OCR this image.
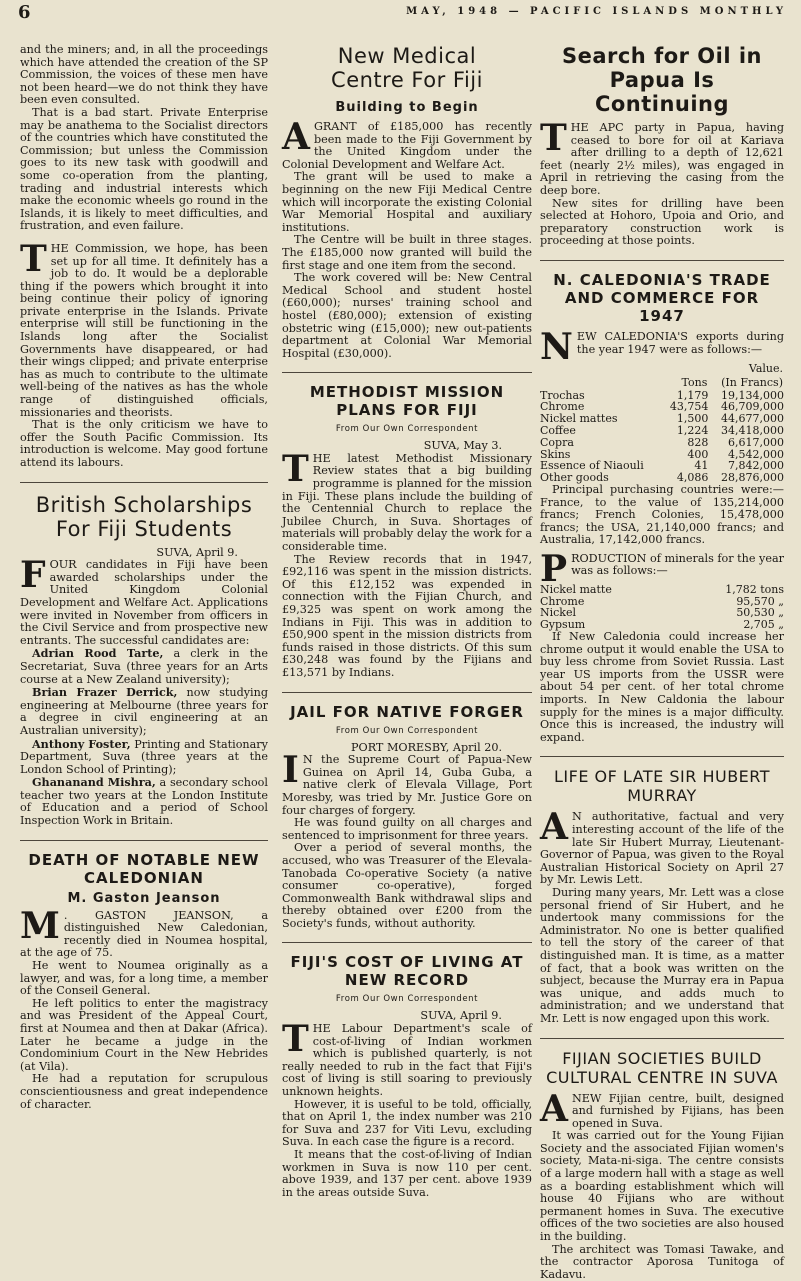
6	MAY, 1948 — PACIFIC ISLANDS MONTHLY

and the miners; and, in all the proceedings which have attended the creation of the SP Commission, the voices of these men have not been heard—we do not think they have been even consulted.

That is a bad start. Private Enterprise may be anathema to the Socialist directors of the countries which have constituted the Commission; but unless the Commission goes to its new task with goodwill and some co-operation from the planting, trading and industrial interests which make the economic wheels go round in the Islands, it is likely to meet difficulties, and frustration, and even failure.

THE Commission, we hope, has been set up for all time. It definitely has a job to do. It would be a deplorable thing if the powers which brought it into being continue their policy of ignoring private enterprise in the Islands. Private enterprise will still be functioning in the Islands long after the Socialist Governments have disappeared, or had their wings clipped; and private enterprise has as much to contribute to the ultimate well-being of the natives as has the whole range of distinguished officials, missionaries and theorists.

That is the only criticism we have to offer the South Pacific Commission. Its introduction is welcome. May good fortune attend its labours.

British Scholarships For Fiji Students
SUVA, April 9.

FOUR candidates in Fiji have been awarded scholarships under the United Kingdom Colonial Development and Welfare Act. Applications were invited in November from officers in the Civil Service and from prospective new entrants. The successful candidates are:

Adrian Rood Tarte, a clerk in the Secretariat, Suva (three years for an Arts course at a New Zealand university);

Brian Frazer Derrick, now studying engineering at Melbourne (three years for a degree in civil engineering at an Australian university);

Anthony Foster, Printing and Stationary Department, Suva (three years at the London School of Printing);

Ghananand Mishra, a secondary school teacher two years at the London Institute of Education and a period of School Inspection Work in Britain.

DEATH OF NOTABLE NEW CALEDONIAN
M. Gaston Jeanson

M . GASTON JEANSON, a distinguished New Caledonian, recently died in Noumea hospital, at the age of 75.

He went to Noumea originally as a lawyer, and was, for a long time, a member of the Conseil General.

He left politics to enter the magistracy and was President of the Appeal Court, first at Noumea and then at Dakar (Africa). Later he became a judge in the Condominium Court in the New Hebrides (at Vila).

He had a reputation for scrupulous conscientiousness and great independence of character.

New Medical Centre For Fiji
Building to Begin

AGRANT of £185,000 has recently been made to the Fiji Government by the United Kingdom under the Colonial Development and Welfare Act.

The grant will be used to make a beginning on the new Fiji Medical Centre which will incorporate the existing Colonial War Memorial Hospital and auxiliary institutions.

The Centre will be built in three stages. The £185,000 now granted will build the first stage and one item from the second.

The work covered will be: New Central Medical School and student hostel (£60,000); nurses' training school and hostel (£80,000); extension of existing obstetric wing (£15,000); new out-patients department at Colonial War Memorial Hospital (£30,000).

METHODIST MISSION PLANS FOR FIJI
From Our Own Correspondent
SUVA, May 3.

THE latest Methodist Missionary Review states that a big building programme is planned for the mission in Fiji. These plans include the building of the Centennial Church to replace the Jubilee Church, in Suva. Shortages of materials will probably delay the work for a considerable time.

The Review records that in 1947, £92,116 was spent in the mission districts. Of this £12,152 was expended in connection with the Fijian Church, and £9,325 was spent on work among the Indians in Fiji. This was in addition to £50,900 spent in the mission districts from funds raised in those districts. Of this sum £30,248 was found by the Fijians and £13,571 by Indians.

JAIL FOR NATIVE FORGER
From Our Own Correspondent
PORT MORESBY, April 20.

I N the Supreme Court of Papua-New Guinea on April 14, Guba Guba, a native clerk of Elevala Village, Port Moresby, was tried by Mr. Justice Gore on four charges of forgery.

He was found guilty on all charges and sentenced to imprisonment for three years.

Over a period of several months, the accused, who was Treasurer of the Elevala-Tanobada Co-operative Society (a native consumer co-operative), forged Commonwealth Bank withdrawal slips and thereby obtained over £200 from the Society's funds, without authority.

FIJI'S COST OF LIVING AT NEW RECORD
From Our Own Correspondent
SUVA, April 9.

THE Labour Department's scale of cost-of-living of Indian workmen which is published quarterly, is not really needed to rub in the fact that Fiji's cost of living is still soaring to previously unknown heights.

However, it is useful to be told, officially, that on April 1, the index number was 210 for Suva and 237 for Viti Levu, excluding Suva. In each case the figure is a record.

It means that the cost-of-living of Indian workmen in Suva is now 110 per cent. above 1939, and 137 per cent. above 1939 in the areas outside Suva.

Search for Oil in Papua Is Continuing

THE APC party in Papua, having ceased to bore for oil at Kariava after drilling to a depth of 12,621 feet (nearly 2½ miles), was engaged in April in retrieving the casing from the deep bore.

New sites for drilling have been selected at Hohoro, Upoia and Orio, and preparatory construction work is proceeding at those points.

N. CALEDONIA'S TRADE AND COMMERCE FOR 1947

NEW CALEDONIA'S exports during the year 1947 were as follows:—

		Value.
	Tons	(In Francs)
Trochas	1,179	19,134,000
Chrome	43,754	46,709,000
Nickel mattes	1,500	44,677,000
Coffee	1,224	34,418,000
Copra	828	6,617,000
Skins	400	4,542,000
Essence of Niaouli	41	7,842,000
Other goods	4,086	28,876,000

Principal purchasing countries were:—France, to the value of 135,214,000 francs; French Colonies, 15,478,000 francs; the USA, 21,140,000 francs; and Australia, 17,142,000 francs.

PRODUCTION of minerals for the year was as follows:—

Nickel matte	1,782 tons
Chrome	95,570 „
Nickel	50,530 „
Gypsum	2,705 „

If New Caledonia could increase her chrome output it would enable the USA to buy less chrome from Soviet Russia. Last year US imports from the USSR were about 54 per cent. of her total chrome imports. In New Caldonia the labour supply for the mines is a major difficulty. Once this is increased, the industry will expand.

LIFE OF LATE SIR HUBERT MURRAY

A N authoritative, factual and very interesting account of the life of the late Sir Hubert Murray, Lieutenant-Governor of Papua, was given to the Royal Australian Historical Society on April 27 by Mr. Lewis Lett.

During many years, Mr. Lett was a close personal friend of Sir Hubert, and he undertook many commissions for the Administrator. No one is better qualified to tell the story of the career of that distinguished man. It is time, as a matter of fact, that a book was written on the subject, because the Murray era in Papua was unique, and adds much to administration; and we understand that Mr. Lett is now engaged upon this work.

FIJIAN SOCIETIES BUILD CULTURAL CENTRE IN SUVA

ANEW Fijian centre, built, designed and furnished by Fijians, has been opened in Suva.

It was carried out for the Young Fijian Society and the associated Fijian women's society, Mata-ni-siga. The centre consists of a large modern hall with a stage as well as a boarding establishment which will house 40 Fijians who are without permanent homes in Suva. The executive offices of the two societies are also housed in the building.

The architect was Tomasi Tawake, and the contractor Aporosa Tunitoga of Kadavu.
